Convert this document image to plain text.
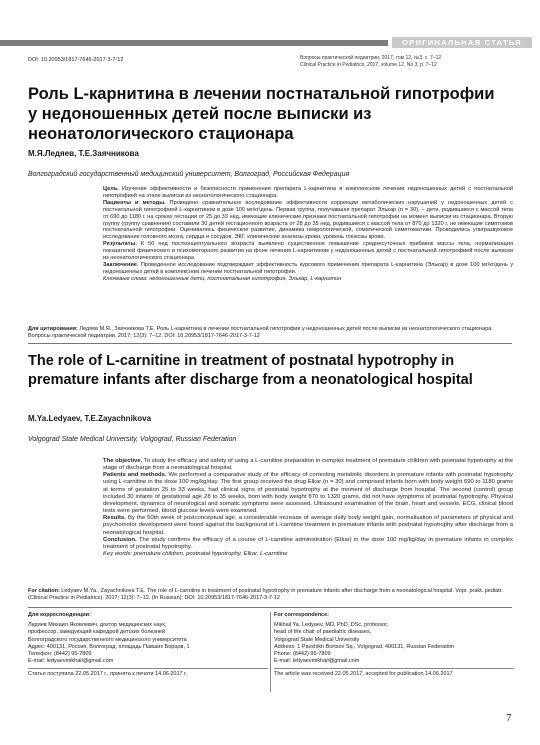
ОРИГИНАЛЬНАЯ СТАТЬЯ
DOI: 10.20953/1817-7646-2017-3-7-12	Вопросы практической педиатрии, 2017, том 12, №3, с. 7–12
Clinical Practice in Pediatrics, 2017, volume 12, No 3, p. 7–12
Роль L-карнитина в лечении постнатальной гипотрофии у недоношенных детей после выписки из неонатологического стационара
М.Я.Ледяев, Т.Е.Заячникова
Волгоградский государственный медицинский университет, Волгоград, Российская Федерация

Цель. Изучение эффективности и безопасности применения препарата L-карнитина в комплексном лечении недоношенных детей с постнатальной гипотрофией на этапе выписки из неонатологического стационара.

Пациенты и методы. Проведено сравнительное исследование эффективности коррекции метаболических нарушений у недоношенных детей с постнатальной гипотрофией L-карнитином в дозе 100 мг/кг/день. Первая группа, получавшая препарат Элькар (n = 30), – дети, родившиеся с массой тела от 690 до 1180 г, на сроках гестации от 25 до 33 нед, имеющие клинические признаки постнатальной гипотрофии на момент выписки из стационара. Вторую группу (группу сравнения) составили 30 детей гестационного возраста от 28 до 35 нед, родившиеся с массой тела от 870 до 1320 г, не имеющие симптомов постнатальной гипотрофии. Оценивались физическое развитие, динамика неврологической, соматической симптоматики. Проводились ультразвуковое исследование головного мозга, сердца и сосудов, ЭКГ, клинические анализы крови, уровень глюкозы крови.

Результаты. К 50 нед постконцептуального возраста выявлено существенное повышение среднесуточных прибавок массы тела, нормализация показателей физического и психомоторного развития на фоне лечения L-карнитином у недоношенных детей с постнатальной гипотрофией после выписки из неонатологического стационара.

Заключение. Проведенное исследование подтверждает эффективность курсового применения препарата L-карнитина (Элькар) в дозе 100 мг/кг/день у недоношенных детей в комплексном лечении постнатальной гипотрофии.

Ключевые слова: недоношенные дети, постнатальная гипотрофия, Элькар, L-карнитин

Для цитирования: Ледяев М.Я., Заячникова Т.Е. Роль L-карнитина в лечении постнатальной гипотрофии у недоношенных детей после выписки из неонатологического стационара. Вопросы практической педиатрии. 2017; 12(3): 7–12. DOI: 10.20953/1817-7646-2017-3-7-12
The role of L-carnitine in treatment of postnatal hypotrophy in premature infants after discharge from a neonatological hospital
M.Ya.Ledyaev, T.E.Zayachnikova
Volgograd State Medical University, Volgograd, Russian Federation

The objective. To study the efficacy and safety of using a L-carnitine preparation in complex treatment of premature children with postnatal hypotrophy at the stage of discharge from a neonatological hospital.

Patients and methods. We performed a comparative study of the efficacy of correcting metabolic disorders in premature infants with postnatal hypotrophy using L-carnitine in the dose 100 mg/kg/day. The first group received the drug Elkar (n = 30) and comprised infants born with body weight 690 to 1180 grams at terms of gestation 25 to 33 weeks, had clinical signs of postnatal hypotrophy at the moment of discharge from hospital. The second (control) group included 30 infants of gestational age 28 to 35 weeks, born with body weight 870 to 1320 grams, did not have symptoms of postnatal hypotrophy. Physical development, dynamics of neurological and somatic symptoms were assessed. Ultrasound examination of the brain, heart and vessels, ECG, clinical blood tests were performed, blood glucose levels were examined.

Results. By the 50th week of postconceptual age, a considerable increase of average daily body weight gain, normalisation of parameters of physical and psychomotor development were found against the background of L-carnitine treatment in premature infants with postnatal hypotrophy after discharge from a neonatological hospital.

Conclusion. The study confirms the efficacy of a course of L-carnitine administration (Elkar) in the dose 100 mg/kg/day in premature infants in complex treatment of postnatal hypotrophy.

Key words: premature children, postnatal hypotrophy, Elkar, L-carnitine

For citation: Ledyaev M.Ya., Zayachnikova T.E. The role of L-carnitine in treatment of postnatal hypotrophy in premature infants after discharge from a neonatological hospital. Vopr. prakt. pediatr. (Clinical Practice in Pediatrics). 2017; 12(3): 7–12. (In Russian). DOI: 10.20953/1817-7646-2017-3-7-12
Для корреспонденции:
Ледяев Михаил Яковлевич, доктор медицинских наук,
профессор, заведующий кафедрой детских болезней
Волгоградского государственного медицинского университета
Адрес: 400131, Россия, Волгоград, площадь Павших Борцов, 1
Телефон: (8442) 95-7809
E-mail: ledyaevmikhail@gmail.com
Статья поступила 22.05.2017 г., принята к печати 14.06.2017 г.
For correspondence:
Mikhail Ya. Ledyaev, MD, PhD, DSc, professor,
head of the chair of paediatric diseases,
Volgograd State Medical University
Address: 1 Pavshikh Bortsov Sq., Volgograd, 400131, Russian Federation
Phone: (8442) 95-7809
E-mail: ledyaevmikhail@gmail.com
The article was received 22.05.2017, accepted for publication 14.06.2017
7
